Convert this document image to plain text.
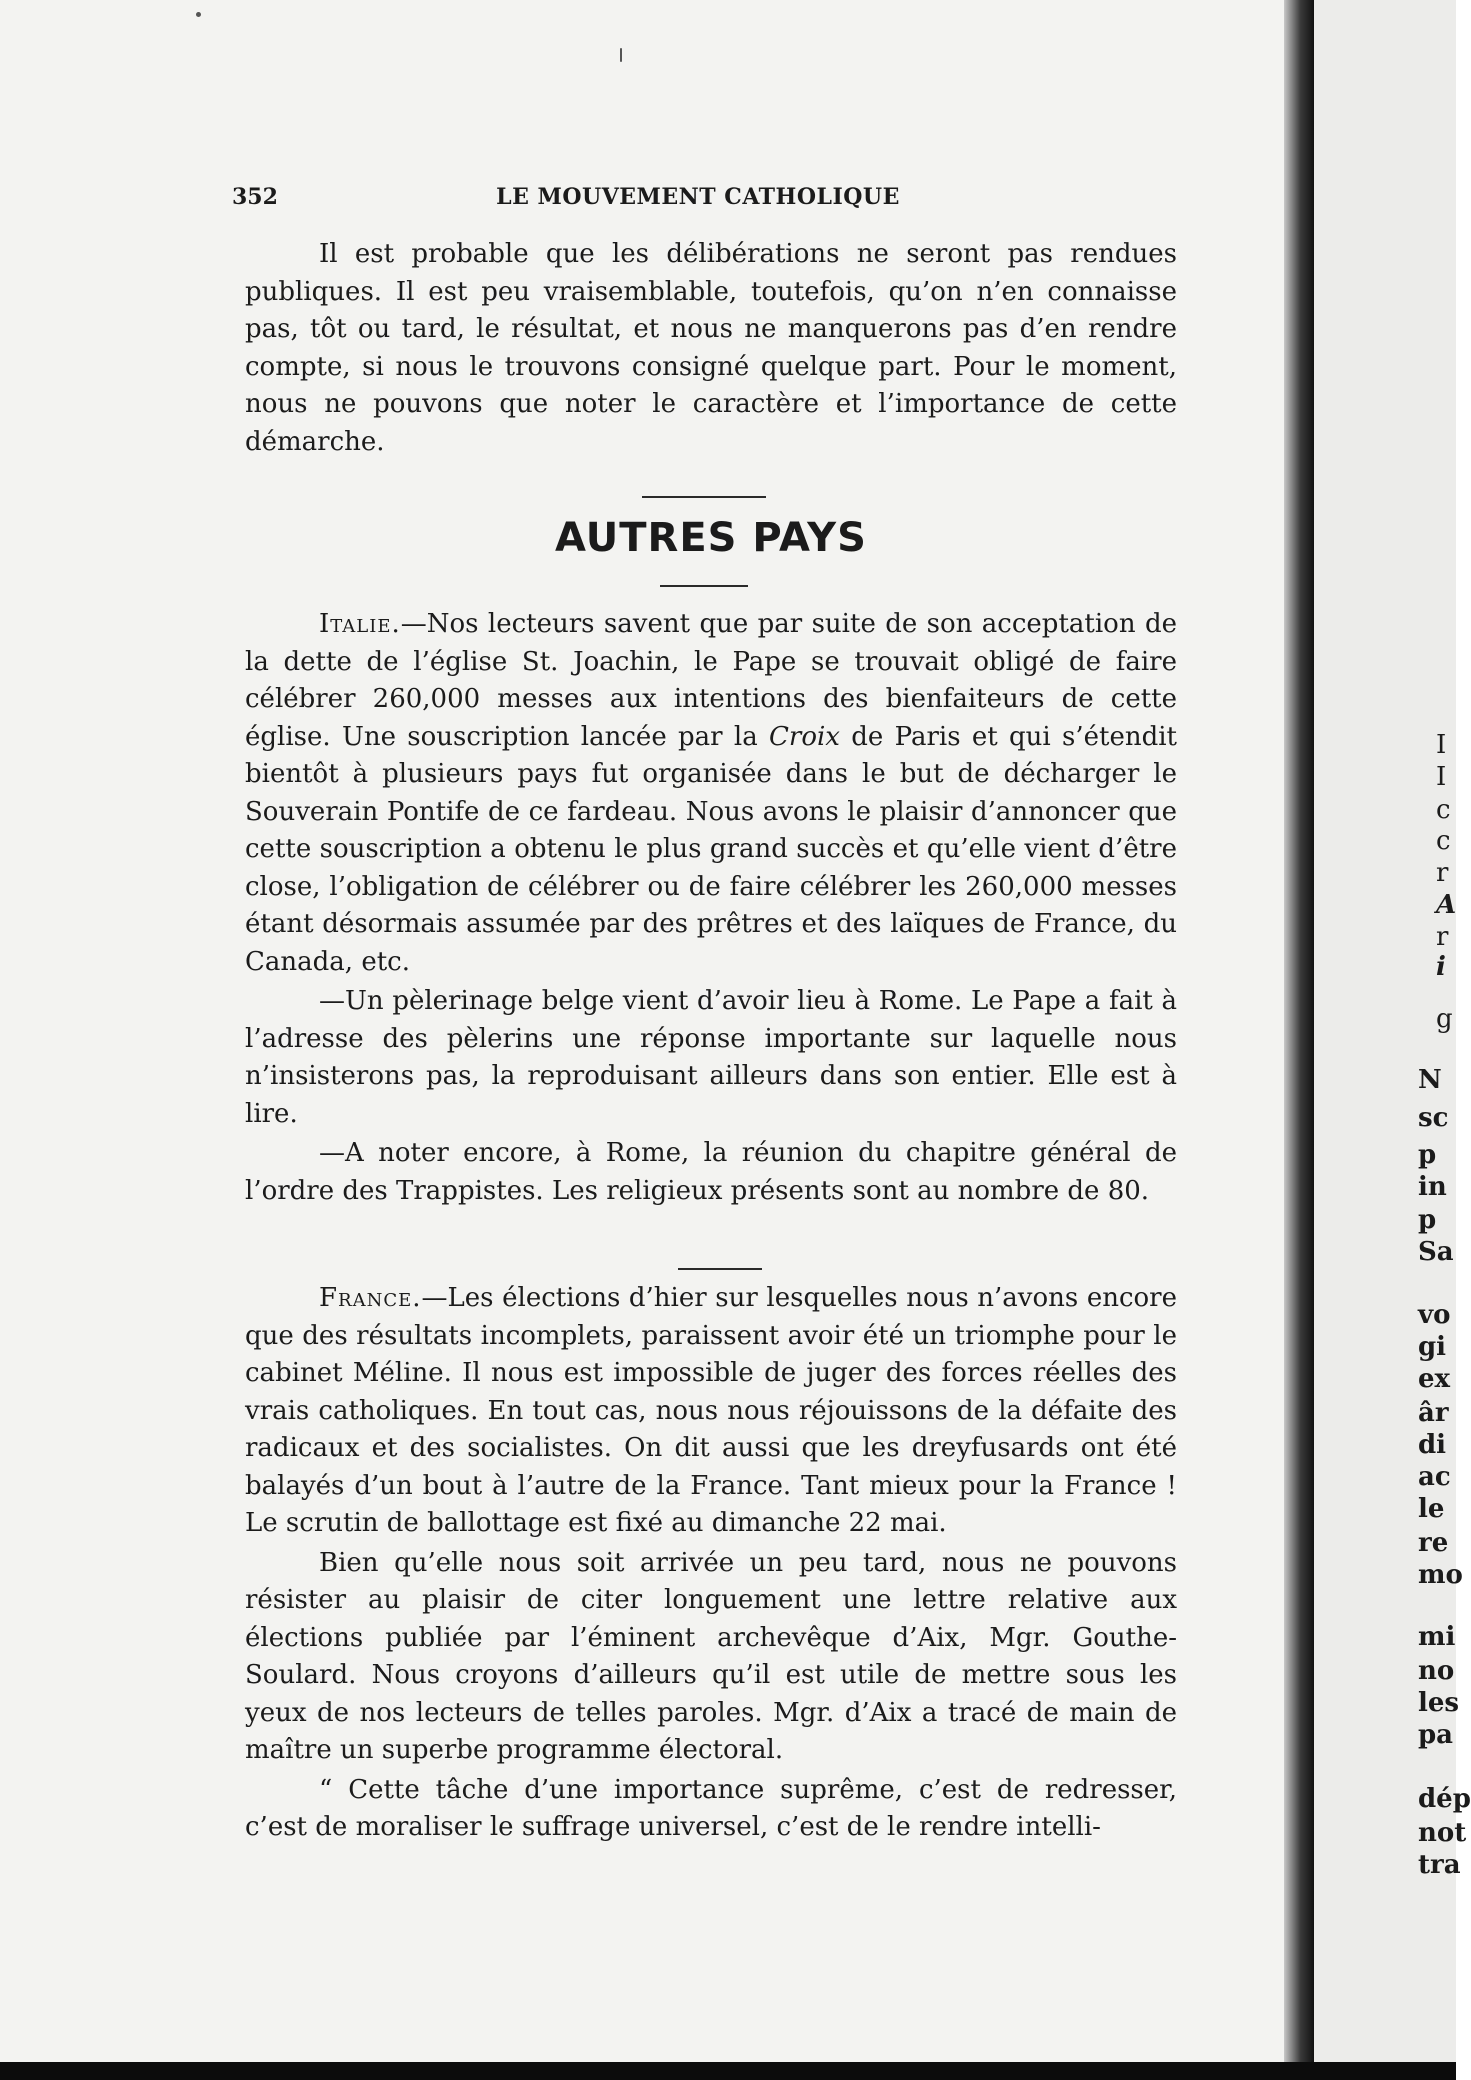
352	LE MOUVEMENT CATHOLIQUE

Il est probable que les délibérations ne seront pas rendues publiques. Il est peu vraisemblable, toutefois, qu’on n’en connaisse pas, tôt ou tard, le résultat, et nous ne manquerons pas d’en rendre compte, si nous le trouvons consigné quelque part. Pour le moment, nous ne pouvons que noter le caractère et l’importance de cette démarche.

AUTRES PAYS

Italie.—Nos lecteurs savent que par suite de son acceptation de la dette de l’église St. Joachin, le Pape se trouvait obligé de faire célébrer 260,000 messes aux intentions des bienfaiteurs de cette église. Une souscription lancée par la Croix de Paris et qui s’étendit bientôt à plusieurs pays fut organisée dans le but de décharger le Souverain Pontife de ce fardeau. Nous avons le plaisir d’annoncer que cette souscription a obtenu le plus grand succès et qu’elle vient d’être close, l’obligation de célébrer ou de faire célébrer les 260,000 messes étant désormais assumée par des prêtres et des laïques de France, du Canada, etc.

—Un pèlerinage belge vient d’avoir lieu à Rome. Le Pape a fait à l’adresse des pèlerins une réponse importante sur laquelle nous n’insisterons pas, la reproduisant ailleurs dans son entier. Elle est à lire.

—A noter encore, à Rome, la réunion du chapitre général de l’ordre des Trappistes. Les religieux présents sont au nombre de 80.

France.—Les élections d’hier sur lesquelles nous n’avons encore que des résultats incomplets, paraissent avoir été un triomphe pour le cabinet Méline. Il nous est impossible de juger des forces réelles des vrais catholiques. En tout cas, nous nous réjouissons de la défaite des radicaux et des socialistes. On dit aussi que les dreyfusards ont été balayés d’un bout à l’autre de la France. Tant mieux pour la France ! Le scrutin de ballottage est fixé au dimanche 22 mai.

Bien qu’elle nous soit arrivée un peu tard, nous ne pouvons résister au plaisir de citer longuement une lettre relative aux élections publiée par l’éminent archevêque d’Aix, Mgr. Gouthe-Soulard. Nous croyons d’ailleurs qu’il est utile de mettre sous les yeux de nos lecteurs de telles paroles. Mgr. d’Aix a tracé de main de maître un superbe programme électoral.

“ Cette tâche d’une importance suprême, c’est de redresser, c’est de moraliser le suffrage universel, c’est de le rendre intelli-

I
I
c
c
r
A
r
i
g
N
sc
p
in
p
Sa
vo
gi
ex
âr
di
ac
le
re
mo
mi
no
les
pa
dép
not
tra
